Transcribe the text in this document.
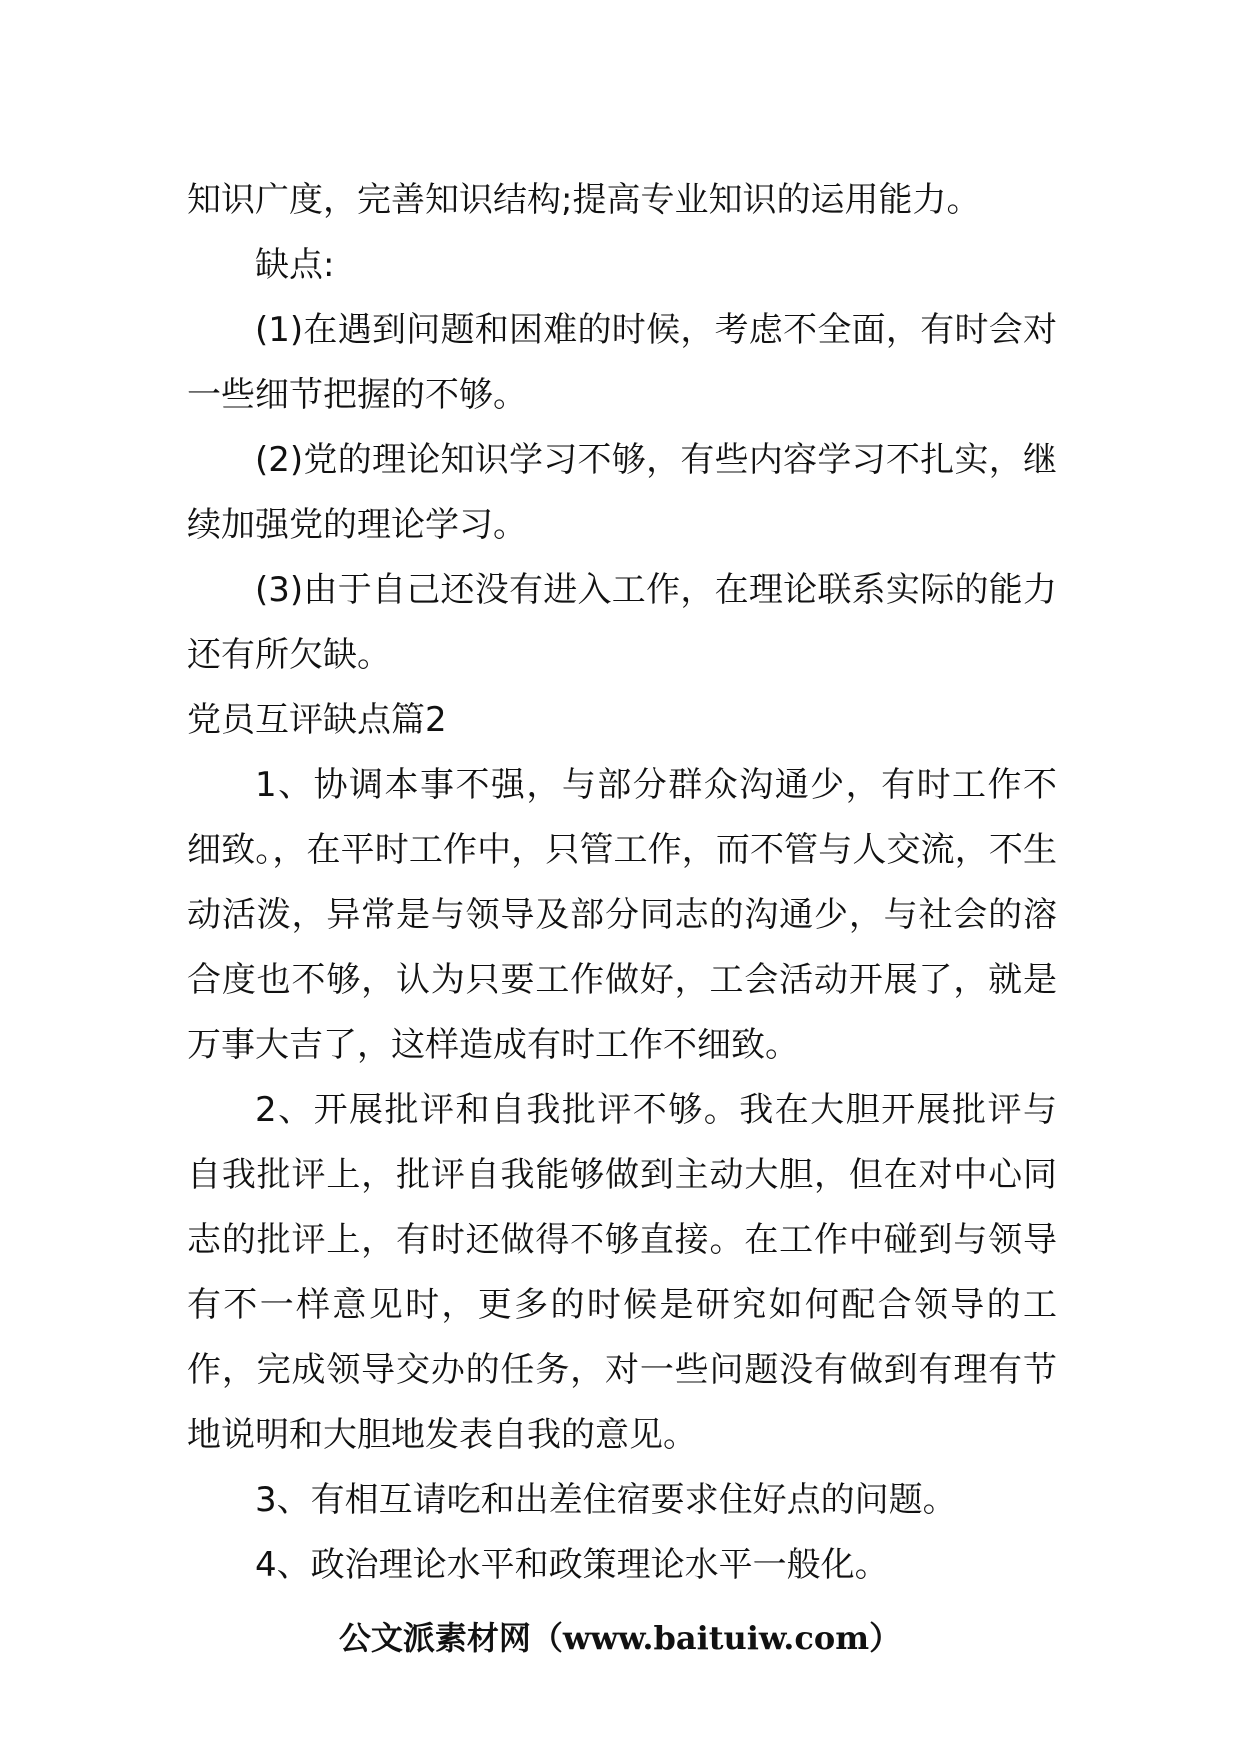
知识广度，完善知识结构;提高专业知识的运用能力。

缺点:

(1)在遇到问题和困难的时候，考虑不全面，有时会对一些细节把握的不够。

(2)党的理论知识学习不够，有些内容学习不扎实，继续加强党的理论学习。

(3)由于自己还没有进入工作，在理论联系实际的能力还有所欠缺。

党员互评缺点篇2

1、协调本事不强，与部分群众沟通少，有时工作不细致。，在平时工作中，只管工作，而不管与人交流，不生动活泼，异常是与领导及部分同志的沟通少，与社会的溶合度也不够，认为只要工作做好，工会活动开展了，就是万事大吉了，这样造成有时工作不细致。

2、开展批评和自我批评不够。我在大胆开展批评与自我批评上，批评自我能够做到主动大胆，但在对中心同志的批评上，有时还做得不够直接。在工作中碰到与领导有不一样意见时，更多的时候是研究如何配合领导的工作，完成领导交办的任务，对一些问题没有做到有理有节地说明和大胆地发表自我的意见。

3、有相互请吃和出差住宿要求住好点的问题。

4、政治理论水平和政策理论水平一般化。

公文派素材网（www.baituiw.com）
